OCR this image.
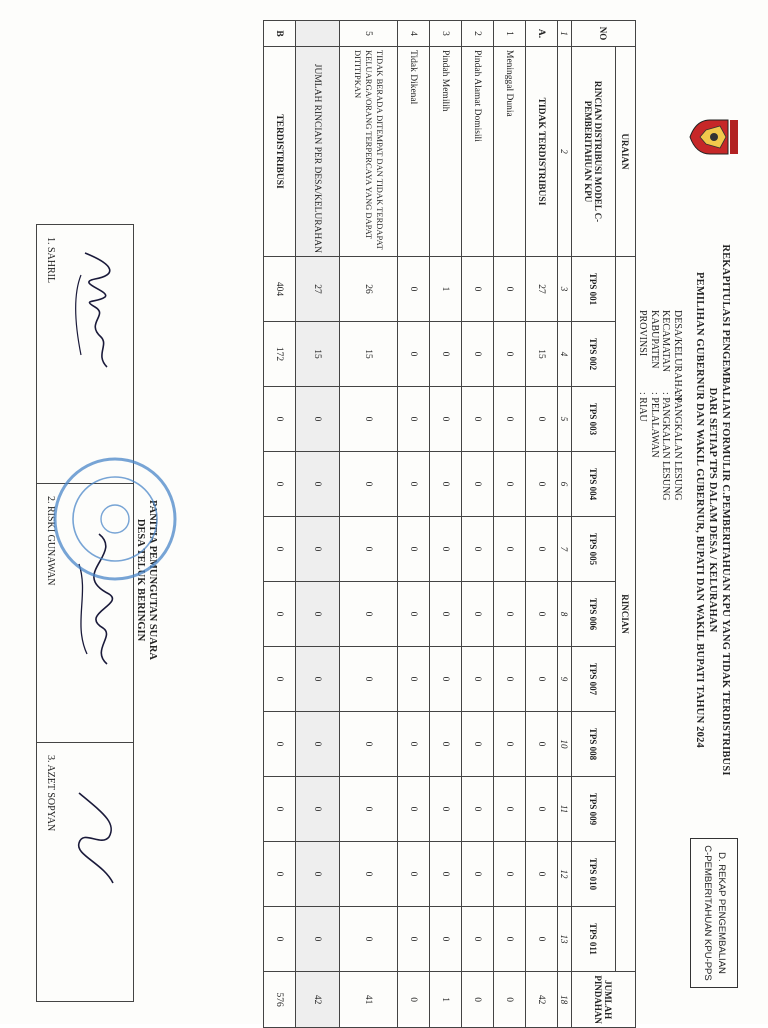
D. REKAP PENGEMBALIAN
C-PEMBERITAHUAN KPU-PPS
REKAPITULASI PENGEMBALIAN FORMULIR C.PEMBERITAHUAN KPU YANG TIDAK TERDISTRIBUSI
DARI SETIAP TPS DALAM DESA / KELURAHAN
PEMILIHAN GUBERNUR DAN WAKIL GUBERNUR, BUPATI DAN WAKIL BUPATI TAHUN 2024
DESA/KELURAHAN
: PANGKALAN LESUNG
KECAMATAN
: PANGKALAN LESUNG
KABUPATEN
: PELALAWAN
PROVINSI
: RIAU
NO	URAIAN	RINCIAN											JUMLAH PINDAHAN
	RINCIAN DISTRIBUSI MODEL C-PEMBERITAHUAN KPU	TPS 001	TPS 002	TPS 003	TPS 004	TPS 005	TPS 006	TPS 007	TPS 008	TPS 009	TPS 010	TPS 011	
1	2	3	4	5	6	7	8	9	10	11	12	13	18
A.	TIDAK TERDISTRIBUSI	27	15	0	0	0	0	0	0	0	0	0	42
1	Meninggal Dunia	0	0	0	0	0	0	0	0	0	0	0	0
2	Pindah Alamat Domisili	0	0	0	0	0	0	0	0	0	0	0	0
3	Pindah Memilih	1	0	0	0	0	0	0	0	0	0	0	1
4	Tidak Dikenal	0	0	0	0	0	0	0	0	0	0	0	0
5	TIDAK BERADA DITEMPAT DAN TIDAK TERDAPAT KELUARGA/ORANG TERPERCAYA YANG DAPAT DITITIPKAN	26	15	0	0	0	0	0	0	0	0	0	41
	JUMLAH RINCIAN PER DESA/KELURAHAN	27	15	0	0	0	0	0	0	0	0	0	42
B	TERDISTRIBUSI	404	172	0	0	0	0	0	0	0	0	0	576
PANITIA PEMUNGUTAN SUARA
DESA TELUK BERINGIN
1. SAHRIL
2. RISKI GUNAWAN
3. AZET SOPYAN
